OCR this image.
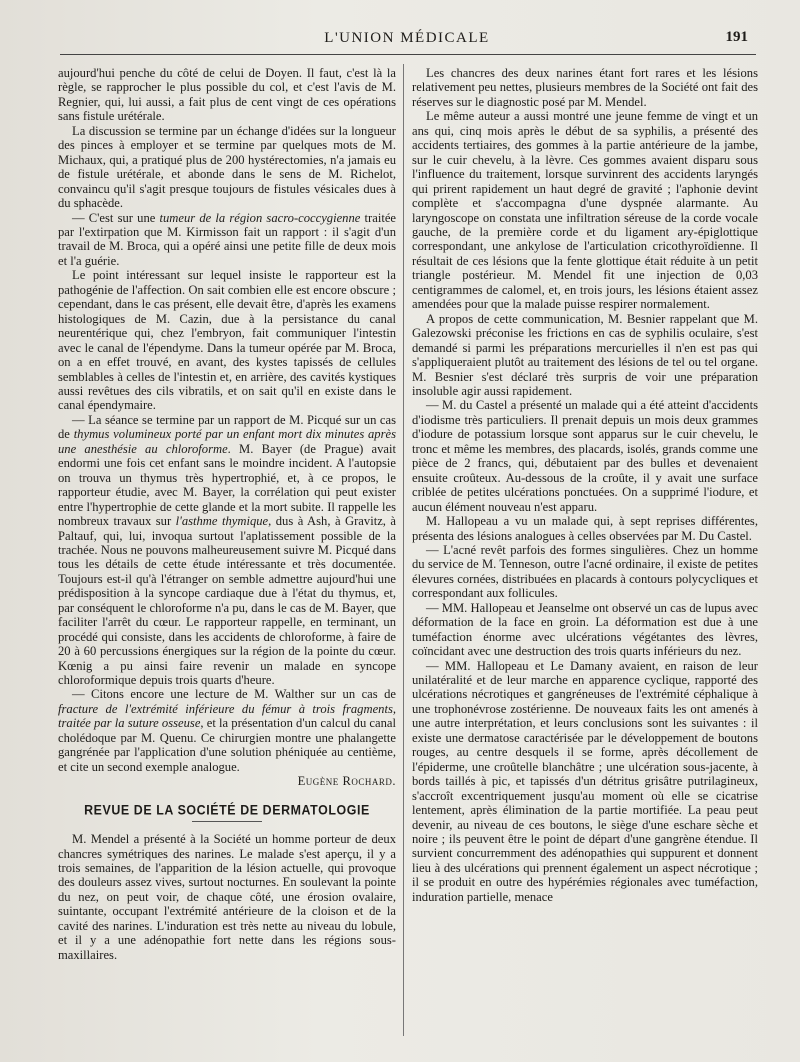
L'UNION MÉDICALE	191

aujourd'hui penche du côté de celui de Doyen. Il faut, c'est là la règle, se rapprocher le plus possible du col, et c'est l'avis de M. Regnier, qui, lui aussi, a fait plus de cent vingt de ces opérations sans fistule urétérale.

La discussion se termine par un échange d'idées sur la longueur des pinces à employer et se termine par quelques mots de M. Michaux, qui, a pratiqué plus de 200 hystérectomies, n'a jamais eu de fistule urétérale, et abonde dans le sens de M. Richelot, convaincu qu'il s'agit presque toujours de fistules vésicales dues à du sphacède.

— C'est sur une tumeur de la région sacro-coccygienne traitée par l'extirpation que M. Kirmisson fait un rapport : il s'agit d'un travail de M. Broca, qui a opéré ainsi une petite fille de deux mois et l'a guérie.

Le point intéressant sur lequel insiste le rapporteur est la pathogénie de l'affection. On sait combien elle est encore obscure ; cependant, dans le cas présent, elle devait être, d'après les examens histologiques de M. Cazin, due à la persistance du canal neurentérique qui, chez l'embryon, fait communiquer l'intestin avec le canal de l'épendyme. Dans la tumeur opérée par M. Broca, on a en effet trouvé, en avant, des kystes tapissés de cellules semblables à celles de l'intestin et, en arrière, des cavités kystiques aussi revêtues des cils vibratils, et on sait qu'il en existe dans le canal épendymaire.

— La séance se termine par un rapport de M. Picqué sur un cas de thymus volumineux porté par un enfant mort dix minutes après une anesthésie au chloroforme. M. Bayer (de Prague) avait endormi une fois cet enfant sans le moindre incident. A l'autopsie on trouva un thymus très hypertrophié, et, à ce propos, le rapporteur étudie, avec M. Bayer, la corrélation qui peut exister entre l'hypertrophie de cette glande et la mort subite. Il rappelle les nombreux travaux sur l'asthme thymique, dus à Ash, à Gravitz, à Paltauf, qui, lui, invoqua surtout l'aplatissement possible de la trachée. Nous ne pouvons malheureusement suivre M. Picqué dans tous les détails de cette étude intéressante et très documentée. Toujours est-il qu'à l'étranger on semble admettre aujourd'hui une prédisposition à la syncope cardiaque due à l'état du thymus, et, par conséquent le chloroforme n'a pu, dans le cas de M. Bayer, que faciliter l'arrêt du cœur. Le rapporteur rappelle, en terminant, un procédé qui consiste, dans les accidents de chloroforme, à faire de 20 à 60 percussions énergiques sur la région de la pointe du cœur. Kœnig a pu ainsi faire revenir un malade en syncope chloroformique depuis trois quarts d'heure.

— Citons encore une lecture de M. Walther sur un cas de fracture de l'extrémité inférieure du fémur à trois fragments, traitée par la suture osseuse, et la présentation d'un calcul du canal cholédoque par M. Quenu. Ce chirurgien montre une phalangette gangrénée par l'application d'une solution phéniquée au centième, et cite un second exemple analogue.

Eugène Rochard.

REVUE DE LA SOCIÉTÉ DE DERMATOLOGIE

M. Mendel a présenté à la Société un homme porteur de deux chancres symétriques des narines. Le malade s'est aperçu, il y a trois semaines, de l'apparition de la lésion actuelle, qui provoque des douleurs assez vives, surtout nocturnes. En soulevant la pointe du nez, on peut voir, de chaque côté, une érosion ovalaire, suintante, occupant l'extrémité antérieure de la cloison et de la cavité des narines. L'induration est très nette au niveau du lobule, et il y a une adénopathie fort nette dans les régions sous-maxillaires.

Les chancres des deux narines étant fort rares et les lésions relativement peu nettes, plusieurs membres de la Société ont fait des réserves sur le diagnostic posé par M. Mendel.

Le même auteur a aussi montré une jeune femme de vingt et un ans qui, cinq mois après le début de sa syphilis, a présenté des accidents tertiaires, des gommes à la partie antérieure de la jambe, sur le cuir chevelu, à la lèvre. Ces gommes avaient disparu sous l'influence du traitement, lorsque survinrent des accidents laryngés qui prirent rapidement un haut degré de gravité ; l'aphonie devint complète et s'accompagna d'une dyspnée alarmante. Au laryngoscope on constata une infiltration séreuse de la corde vocale gauche, de la première corde et du ligament ary-épiglottique correspondant, une ankylose de l'articulation cricothyroïdienne. Il résultait de ces lésions que la fente glottique était réduite à un petit triangle postérieur. M. Mendel fit une injection de 0,03 centigrammes de calomel, et, en trois jours, les lésions étaient assez amendées pour que la malade puisse respirer normalement.

A propos de cette communication, M. Besnier rappelant que M. Galezowski préconise les frictions en cas de syphilis oculaire, s'est demandé si parmi les préparations mercurielles il n'en est pas qui s'appliqueraient plutôt au traitement des lésions de tel ou tel organe. M. Besnier s'est déclaré très surpris de voir une préparation insoluble agir aussi rapidement.

— M. du Castel a présenté un malade qui a été atteint d'accidents d'iodisme très particuliers. Il prenait depuis un mois deux grammes d'iodure de potassium lorsque sont apparus sur le cuir chevelu, le tronc et même les membres, des placards, isolés, grands comme une pièce de 2 francs, qui, débutaient par des bulles et devenaient ensuite croûteux. Au-dessous de la croûte, il y avait une surface criblée de petites ulcérations ponctuées. On a supprimé l'iodure, et aucun élément nouveau n'est apparu.

M. Hallopeau a vu un malade qui, à sept reprises différentes, présenta des lésions analogues à celles observées par M. Du Castel.

— L'acné revêt parfois des formes singulières. Chez un homme du service de M. Tenneson, outre l'acné ordinaire, il existe de petites élevures cornées, distribuées en placards à contours polycycliques et correspondant aux follicules.

— MM. Hallopeau et Jeanselme ont observé un cas de lupus avec déformation de la face en groin. La déformation est due à une tuméfaction énorme avec ulcérations végétantes des lèvres, coïncidant avec une destruction des trois quarts inférieurs du nez.

— MM. Hallopeau et Le Damany avaient, en raison de leur unilatéralité et de leur marche en apparence cyclique, rapporté des ulcérations nécrotiques et gangréneuses de l'extrémité céphalique à une trophonévrose zostérienne. De nouveaux faits les ont amenés à une autre interprétation, et leurs conclusions sont les suivantes : il existe une dermatose caractérisée par le développement de boutons rouges, au centre desquels il se forme, après décollement de l'épiderme, une croûtelle blanchâtre ; une ulcération sous-jacente, à bords taillés à pic, et tapissés d'un détritus grisâtre putrilagineux, s'accroît excentriquement jusqu'au moment où elle se cicatrise lentement, après élimination de la partie mortifiée. La peau peut devenir, au niveau de ces boutons, le siège d'une eschare sèche et noire ; ils peuvent être le point de départ d'une gangrène étendue. Il survient concurremment des adénopathies qui suppurent et donnent lieu à des ulcérations qui prennent également un aspect nécrotique ; il se produit en outre des hypérémies régionales avec tuméfaction, induration partielle, menace
